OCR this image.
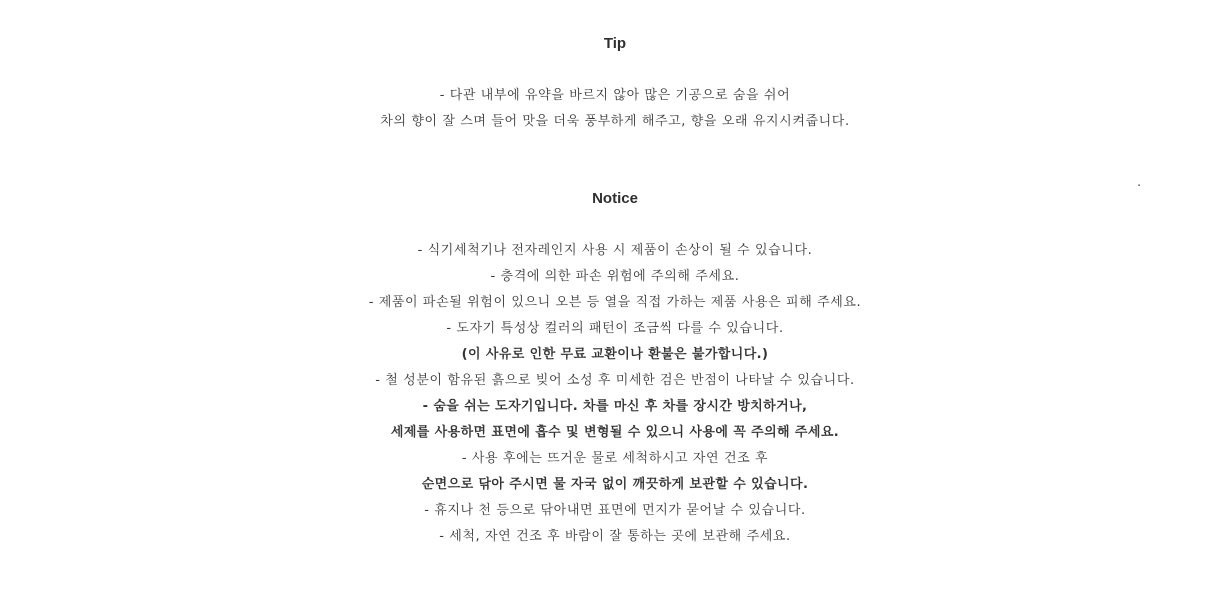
Tip
- 다관 내부에 유약을 바르지 않아 많은 기공으로 숨을 쉬어
차의 향이 잘 스며 들어 맛을 더욱 풍부하게 해주고, 향을 오래 유지시켜줍니다.
.
Notice
- 식기세척기나 전자레인지 사용 시 제품이 손상이 될 수 있습니다.
- 충격에 의한 파손 위험에 주의해 주세요.
- 제품이 파손될 위험이 있으니 오븐 등 열을 직접 가하는 제품 사용은 피해 주세요.
- 도자기 특성상 컬러의 패턴이 조금씩 다를 수 있습니다.
(이 사유로 인한 무료 교환이나 환불은 불가합니다.)
- 철 성분이 함유된 흙으로 빚어 소성 후 미세한 검은 반점이 나타날 수 있습니다.
- 숨을 쉬는 도자기입니다. 차를 마신 후 차를 장시간 방치하거나,
세제를 사용하면 표면에 흡수 및 변형될 수 있으니 사용에 꼭 주의해 주세요.
- 사용 후에는 뜨거운 물로 세척하시고 자연 건조 후
순면으로 닦아 주시면 물 자국 없이 깨끗하게 보관할 수 있습니다.
- 휴지나 천 등으로 닦아내면 표면에 먼지가 묻어날 수 있습니다.
- 세척, 자연 건조 후 바람이 잘 통하는 곳에 보관해 주세요.
